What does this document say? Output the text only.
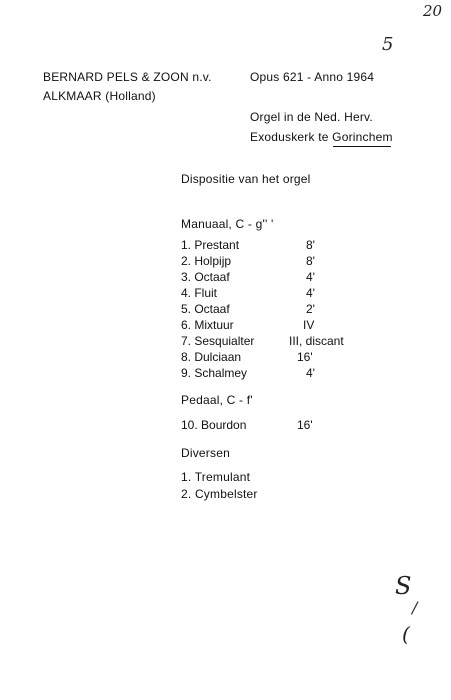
20
5
BERNARD PELS & ZOON n.v.
ALKMAAR (Holland)
Opus 621 - Anno 1964
Orgel in de Ned. Herv.
Exoduskerk te Gorinchem
Dispositie van het orgel
Manuaal, C - g'' '
1. Prestant	8'
2. Holpijp	8'
3. Octaaf	4'
4. Fluit	4'
5. Octaaf	2'
6. Mixtuur	IV
7. Sesquialter	III, discant
8. Dulciaan	16'
9. Schalmey	4'
Pedaal, C - f'
10. Bourdon	16'
Diversen
1. Tremulant
2. Cymbelster
S
/
(
